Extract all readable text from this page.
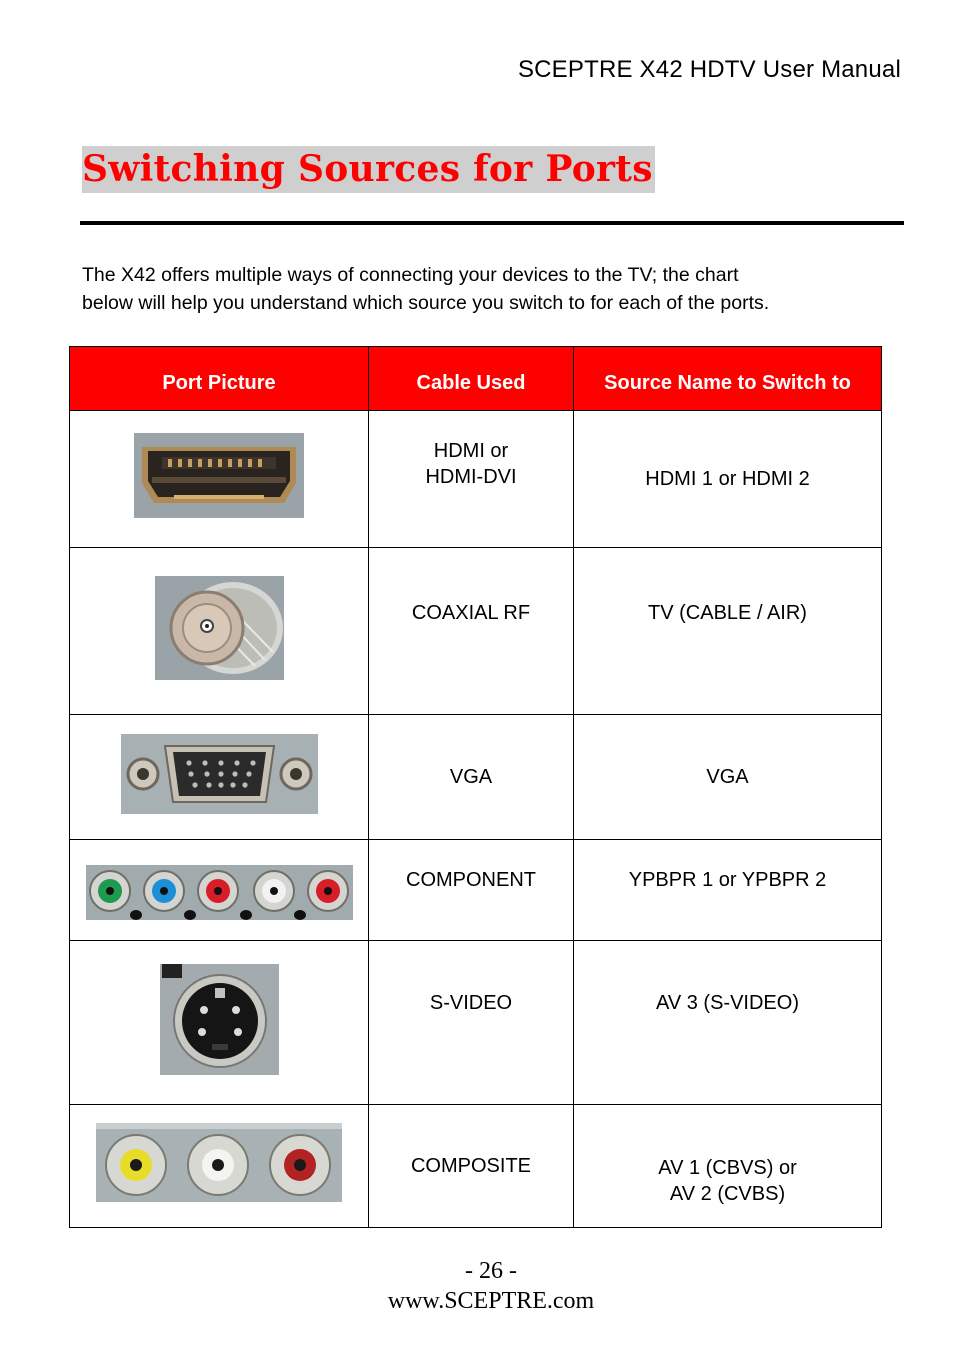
SCEPTRE X42 HDTV User Manual
Switching Sources for Ports
The X42 offers multiple ways of connecting your devices to the TV; the chart
below will help you understand which source you switch to for each of the ports.
Port Picture	Cable Used	Source Name to Switch to

HDMI or
HDMI-DVI	HDMI 1 or HDMI 2

COAXIAL RF	TV (CABLE / AIR)

VGA	VGA

COMPONENT	YPBPR 1 or YPBPR 2

S-VIDEO	AV 3 (S-VIDEO)

COMPOSITE	AV 1 (CBVS) or
AV 2 (CVBS)
- 26 -
www.SCEPTRE.com
